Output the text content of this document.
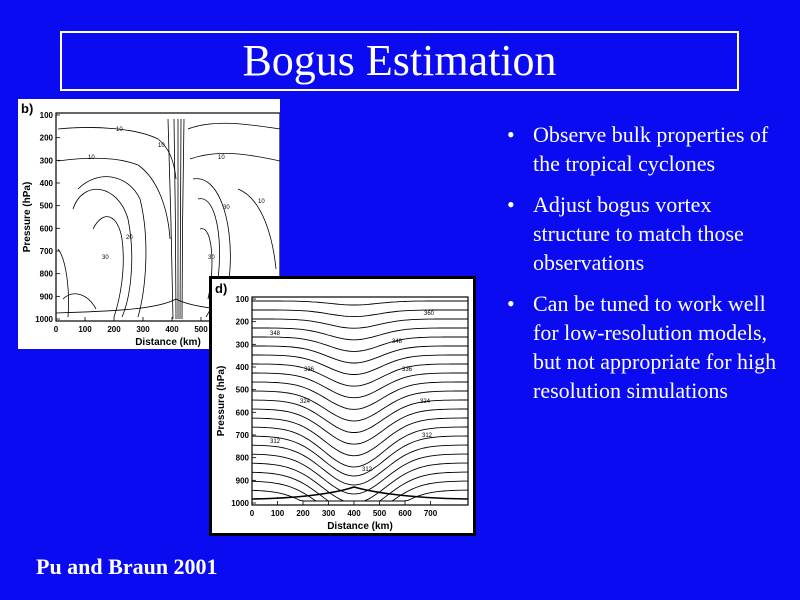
Bogus Estimation
b) 100
200
300
400
500
600
700
800
900
1000
0	100 200 300 400 500
Distance (km)
Pressure (hPa)
10
10
10
10
20
30
30
30
10
d)
100
200
300
400
500
600
700
800
900
1000
0 100 200 300 400 500 600 700
Distance (km)
Pressure (hPa)
348
336
324
312
312
324
336
348
360
312
• Observe bulk properties of the tropical cyclones
• Adjust bogus vortex structure to match those observations
• Can be tuned to work well for low-resolution models, but not appropriate for high resolution simulations
Pu and Braun 2001
